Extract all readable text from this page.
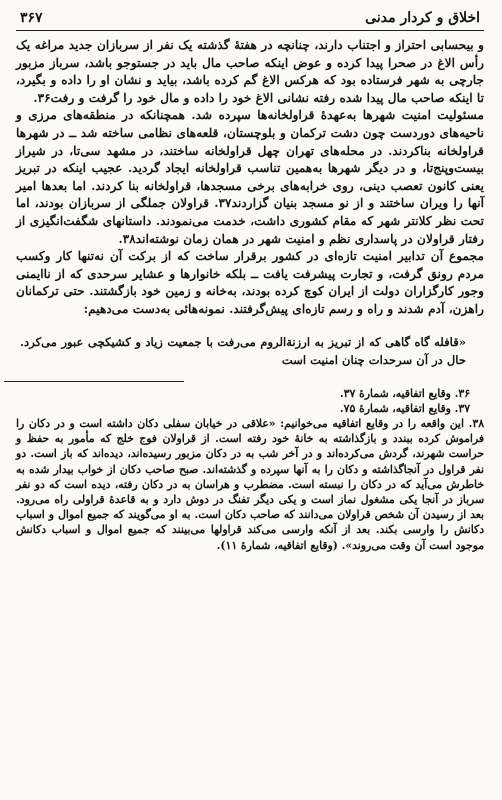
اخلاق و کردار مدنی
۳۶۷

و بیحسابی احتراز و اجتناب دارند، چنانچه در هفتهٔ گذشته یک نفر از سربازان جدید مراغه یک رأس الاغ در صحرا پیدا کرده و عوض اینکه صاحب مال باید در جستوجو باشد، سرباز مزبور جارچی به شهر فرستاده بود که هرکس الاغ گم کرده باشد، بیاید و نشان او را داده و بگیرد، تا اینکه صاحب مال پیدا شده رفته نشانی الاغ خود را داده و مال خود را گرفت و رفت۳۶.

مسئولیت امنیت شهرها به‌عهدهٔ قراولخانه‌ها سپرده شد. همچنانکه در منطقه‌های مرزی و ناحیه‌های دوردست چون دشت ترکمان و بلوچستان، قلعه‌های نظامی ساخته شد ــ در شهرها قراولخانه بناکردند. در محله‌های تهران چهل قراولخانه ساختند، در مشهد سی‌تا، در شیراز بیست‌وپنج‌تا، و در دیگر شهرها به‌همین تناسب قراولخانه ایجاد گردید. عجیب اینکه در تبریز یعنی کانون تعصب دینی، روی خرابه‌های برخی مسجدها، قراولخانه بنا کردند. اما بعدها امیر آنها را ویران ساختند و از نو مسجد بنیان گزاردند۳۷. قراولان جملگی از سربازان بودند، اما تحت نظر کلانتر شهر که مقام کشوری داشت، خدمت می‌نمودند. داستانهای شگفت‌انگیزی از رفتار قراولان در پاسداری نظم و امنیت شهر در همان زمان نوشته‌اند۳۸.

مجموع آن تدابیر امنیت تازه‌ای در کشور برقرار ساخت که از برکت آن نه‌تنها کار وکسب مردم رونق گرفت، و تجارت پیشرفت یافت ــ بلکه خانوارها و عشایر سرحدی که از ناایمنی وجور کارگزاران دولت از ایران کوچ کرده بودند، به‌خانه و زمین خود بازگشتند. حتی ترکمانان راهزن، آدم شدند و راه و رسم تازه‌ای پیش‌گرفتند. نمونه‌هائی به‌دست می‌دهیم:

«قافله گاه گاهی که از تبریز به ارزنةالروم می‌رفت با جمعیت زیاد و کشیکچی عبور می‌کرد. حال در آن سرحدات چنان امنیت است

۳۶. وقایع اتفاقیه، شمارهٔ ۳۷.

۳۷. وقایع اتفاقیه، شمارهٔ ۷۵.

۳۸. این واقعه را در وقایع اتفاقیه می‌خوانیم: «علاقی در خیابان سفلی دکان داشته است و در دکان را فراموش کرده ببندد و بازگذاشته به خانهٔ خود رفته است. از قراولان فوج خلج که مأمور به حفظ و حراست شهرند، گردش می‌کرده‌اند و در آخر شب به در دکان مزبور رسیده‌اند، دیده‌اند که باز است. دو نفر قراول در آنجاگذاشته و دکان را به آنها سپرده و گذشته‌اند. صبح صاحب دکان از خواب بیدار شده به خاطرش می‌آید که در دکان را نبسته است. مضطرب و هراسان به در دکان رفته، دیده است که دو نفر سرباز در آنجا یکی مشغول نماز است و یکی دیگر تفنگ در دوش دارد و به قاعدهٔ قراولی راه می‌رود. بعد از رسیدن آن شخص قراولان می‌دانند که صاحب دکان است. به او می‌گویند که جمیع اموال و اسباب دکانش را وارسی بکند. بعد از آنکه وارسی می‌کند قراولها می‌بینند که جمیع اموال و اسباب دکانش موجود است آن وقت می‌روند». (وقایع اتفاقیه، شمارهٔ ۱۱).
